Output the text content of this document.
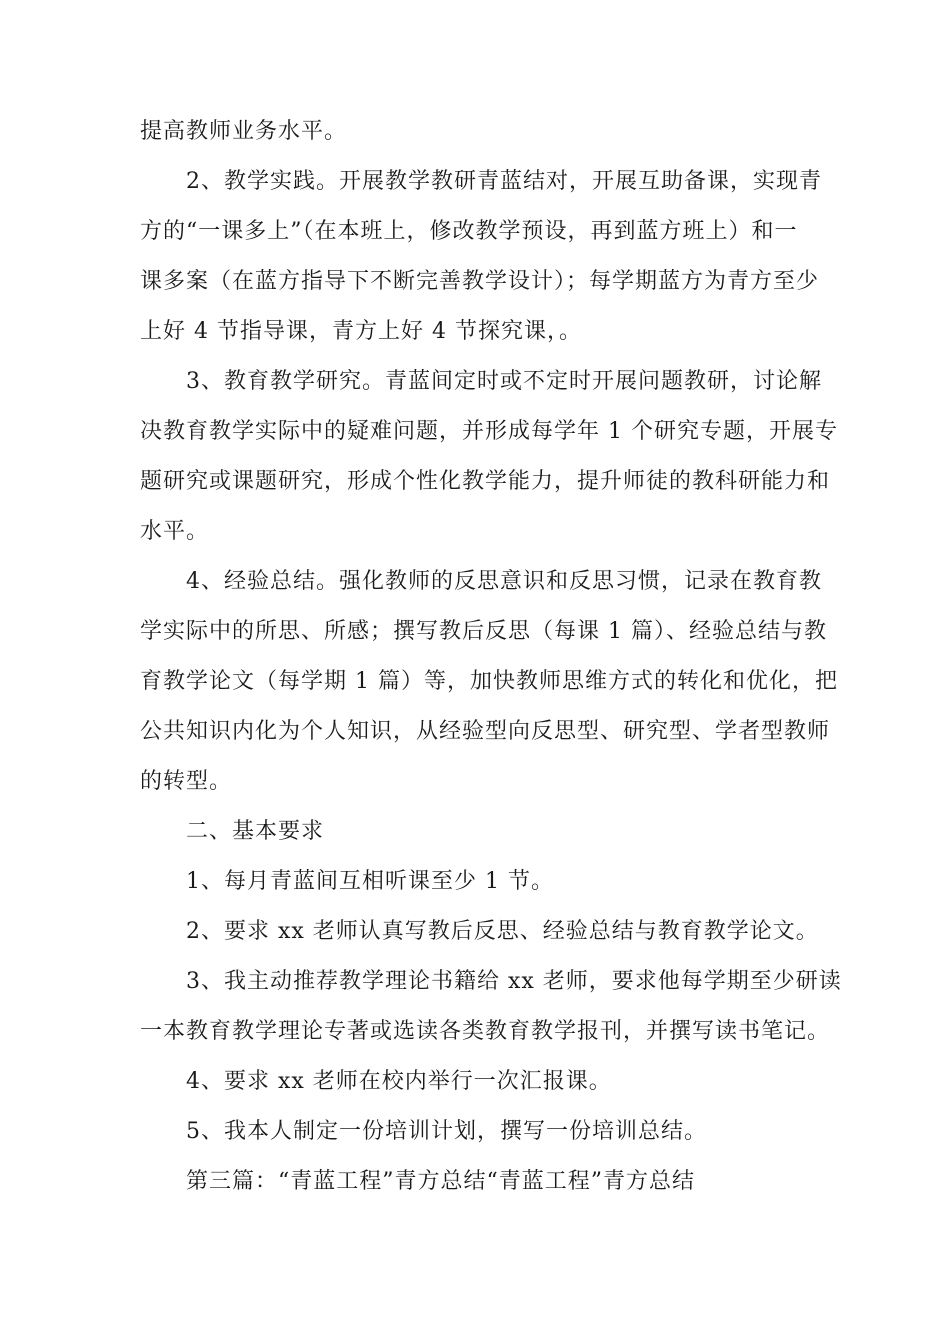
提高教师业务水平。
2、教学实践。开展教学教研青蓝结对，开展互助备课，实现青
方的“一课多上”（在本班上，修改教学预设，再到蓝方班上）和一
课多案（在蓝方指导下不断完善教学设计）；每学期蓝方为青方至少
上好 4 节指导课，青方上好 4 节探究课，。
3、教育教学研究。青蓝间定时或不定时开展问题教研，讨论解
决教育教学实际中的疑难问题，并形成每学年 1 个研究专题，开展专
题研究或课题研究，形成个性化教学能力，提升师徒的教科研能力和
水平。
4、经验总结。强化教师的反思意识和反思习惯，记录在教育教
学实际中的所思、所感；撰写教后反思（每课 1 篇）、经验总结与教
育教学论文（每学期 1 篇）等，加快教师思维方式的转化和优化，把
公共知识内化为个人知识，从经验型向反思型、研究型、学者型教师
的转型。
二、基本要求
1、每月青蓝间互相听课至少 1 节。
2、要求 xx 老师认真写教后反思、经验总结与教育教学论文。
3、我主动推荐教学理论书籍给 xx 老师，要求他每学期至少研读
一本教育教学理论专著或选读各类教育教学报刊，并撰写读书笔记。
4、要求 xx 老师在校内举行一次汇报课。
5、我本人制定一份培训计划，撰写一份培训总结。
第三篇：“青蓝工程”青方总结“青蓝工程”青方总结
